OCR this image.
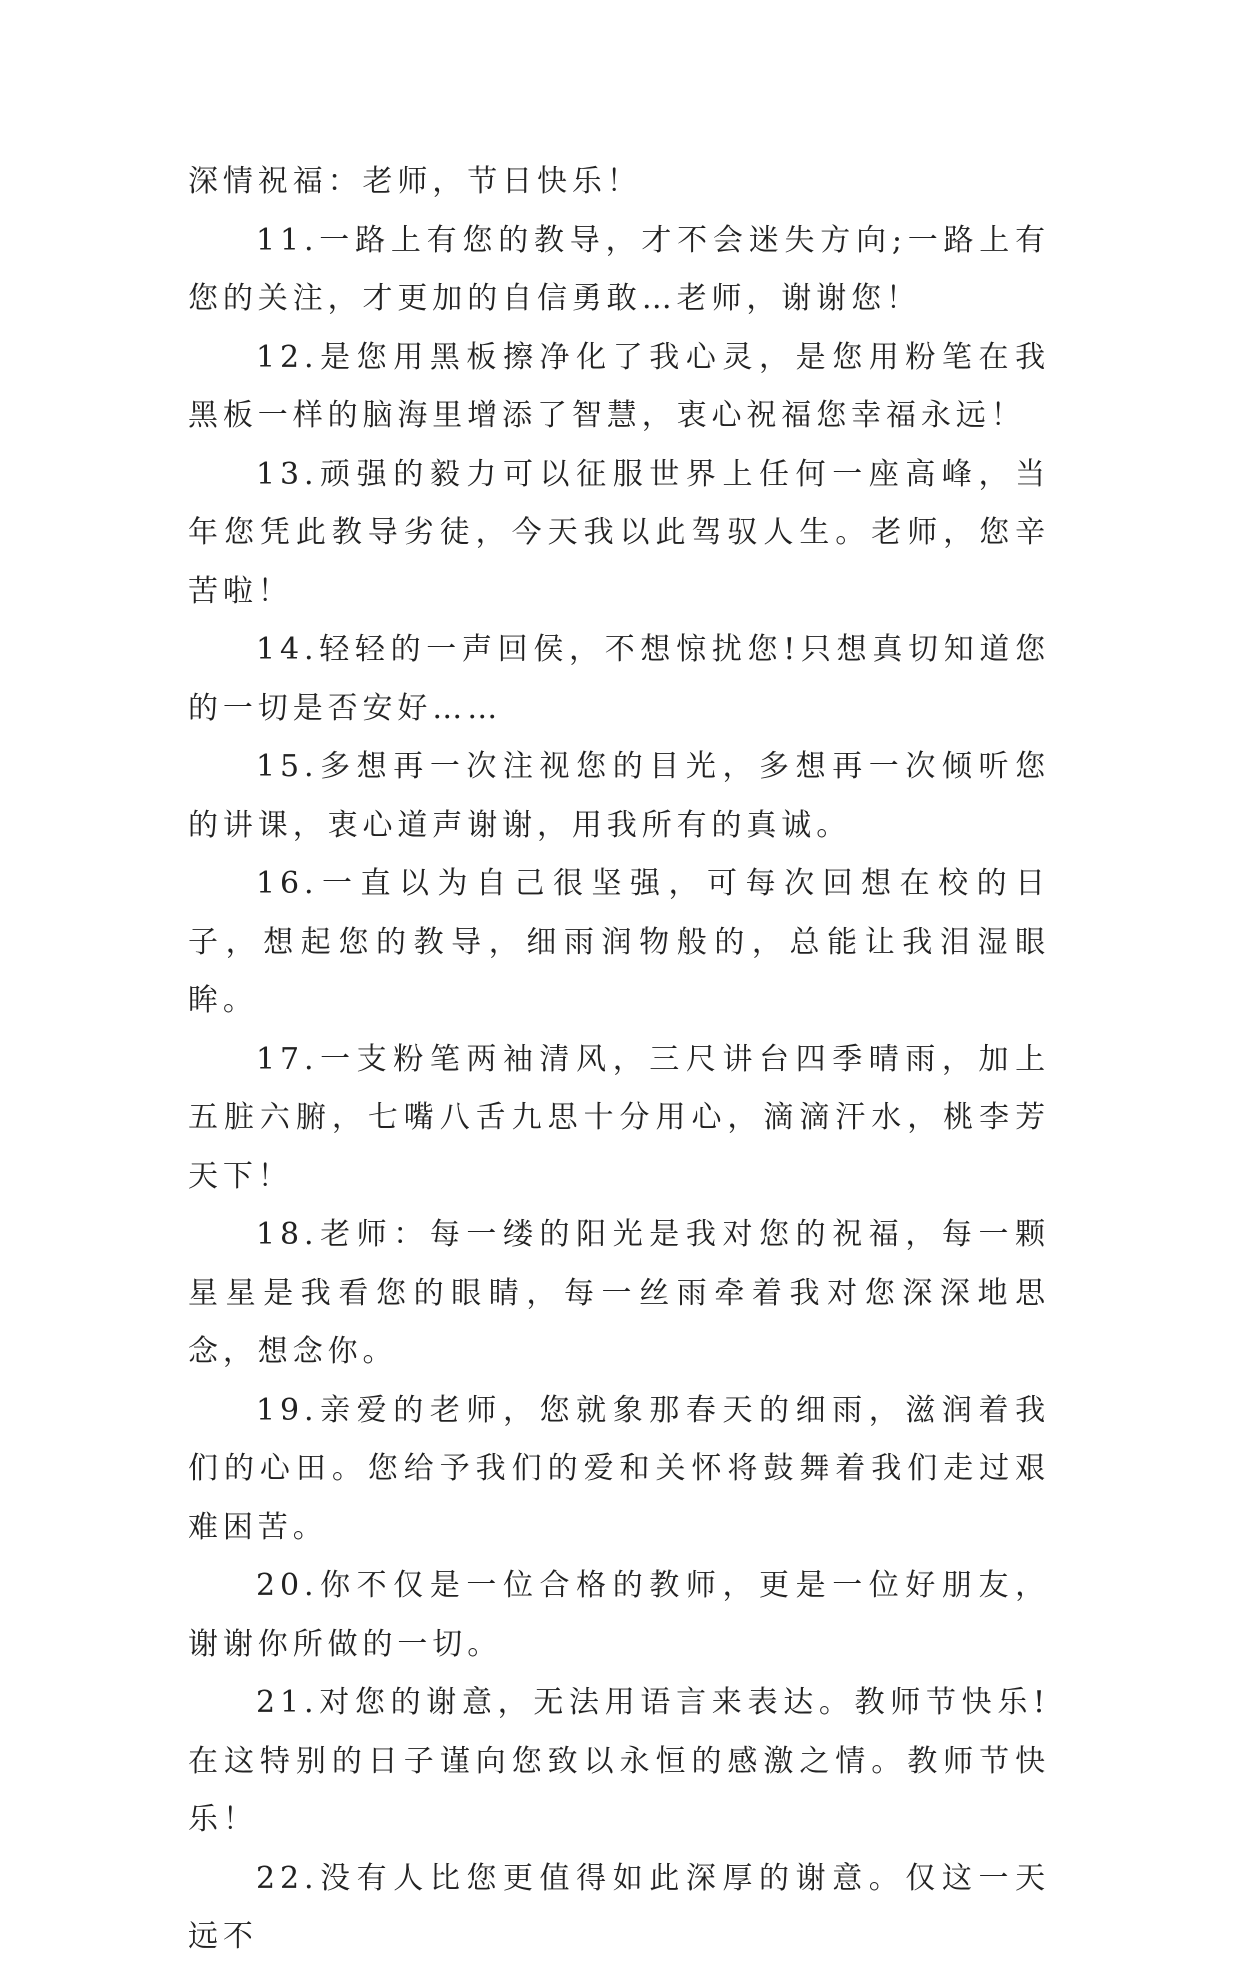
深情祝福：老师，节日快乐！

11.一路上有您的教导，才不会迷失方向;一路上有您的关注，才更加的自信勇敢…老师，谢谢您！

12.是您用黑板擦净化了我心灵，是您用粉笔在我黑板一样的脑海里增添了智慧，衷心祝福您幸福永远！

13.顽强的毅力可以征服世界上任何一座高峰，当年您凭此教导劣徒，今天我以此驾驭人生。老师，您辛苦啦！

14.轻轻的一声回侯，不想惊扰您!只想真切知道您的一切是否安好……

15.多想再一次注视您的目光，多想再一次倾听您的讲课，衷心道声谢谢，用我所有的真诚。

16.一直以为自己很坚强，可每次回想在校的日子，想起您的教导，细雨润物般的，总能让我泪湿眼眸。

17.一支粉笔两袖清风，三尺讲台四季晴雨，加上五脏六腑，七嘴八舌九思十分用心，滴滴汗水，桃李芳天下！

18.老师：每一缕的阳光是我对您的祝福，每一颗星星是我看您的眼睛，每一丝雨牵着我对您深深地思念，想念你。

19.亲爱的老师，您就象那春天的细雨，滋润着我们的心田。您给予我们的爱和关怀将鼓舞着我们走过艰难困苦。

20.你不仅是一位合格的教师，更是一位好朋友，谢谢你所做的一切。

21.对您的谢意，无法用语言来表达。教师节快乐!在这特别的日子谨向您致以永恒的感激之情。教师节快乐！

22.没有人比您更值得如此深厚的谢意。仅这一天远不
